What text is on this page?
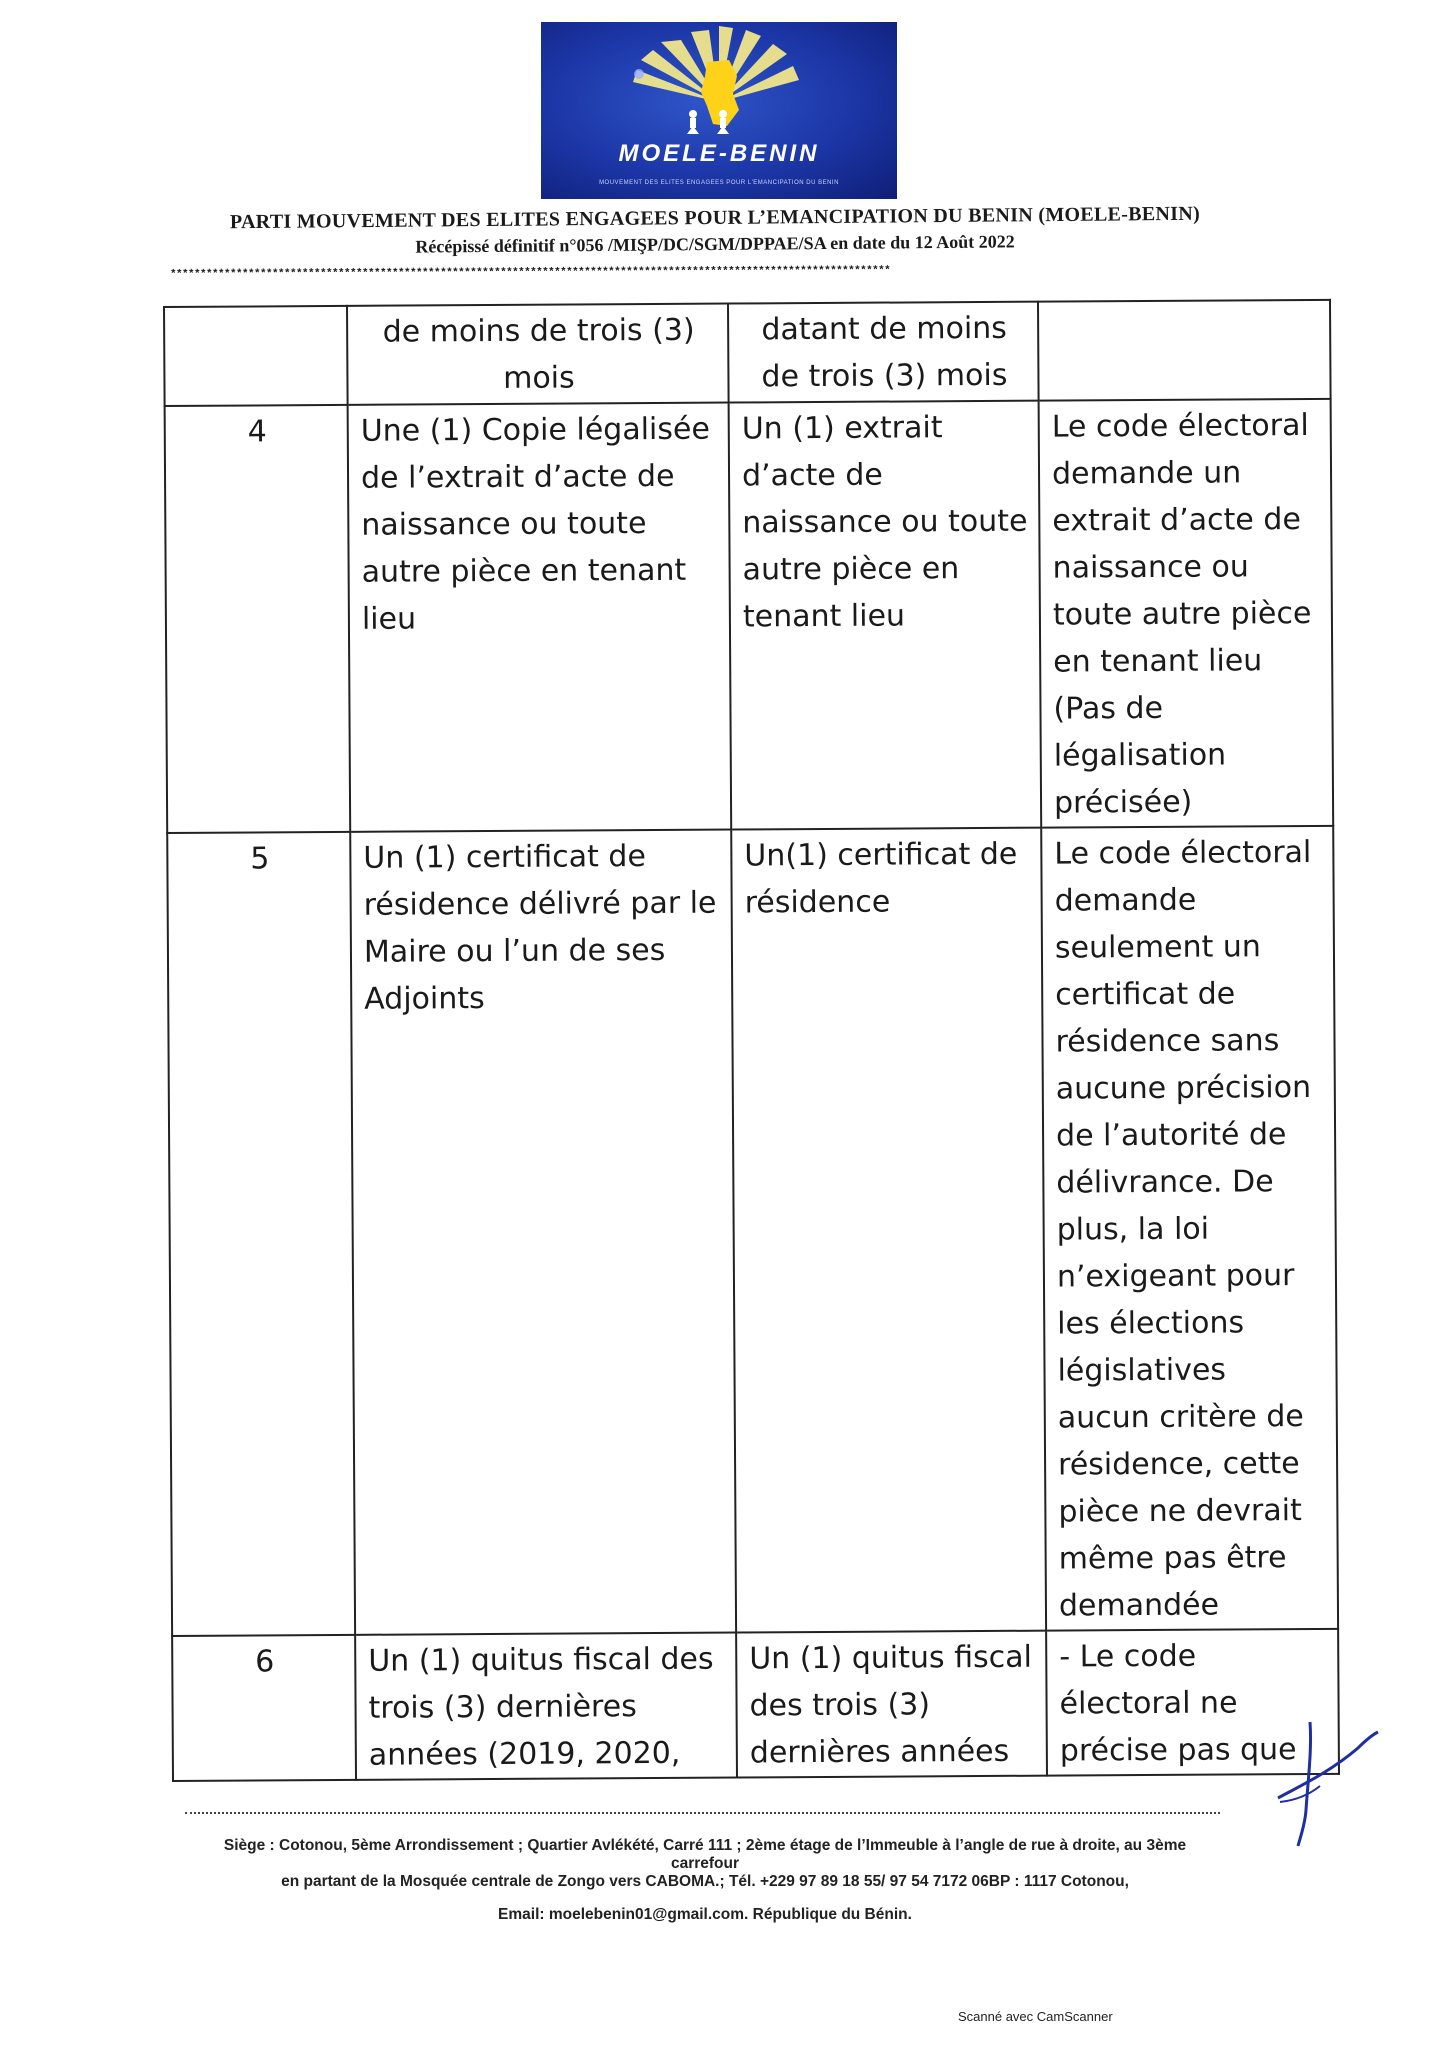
MOELE-BENIN
MOUVEMENT DES ELITES ENGAGEES POUR L'EMANCIPATION DU BENIN
PARTI MOUVEMENT DES ELITES ENGAGEES POUR L’EMANCIPATION DU BENIN (MOELE-BENIN)
Récépissé définitif n°056 /MIŞP/DC/SGM/DPPAE/SA en date du 12 Août 2022
************************************************************************************************************************
	de moins de trois (3) mois	datant de moins de trois (3) mois	
4	Une (1) Copie légalisée de l’extrait d’acte de naissance ou toute autre pièce en tenant lieu	Un (1) extrait d’acte de naissance ou toute autre pièce en tenant lieu	Le code électoral demande un extrait d’acte de naissance ou toute autre pièce en tenant lieu (Pas de légalisation précisée)
5	Un (1) certificat de résidence délivré par le Maire ou l’un de ses Adjoints	Un(1) certificat de résidence	Le code électoral demande seulement un certificat de résidence sans aucune précision de l’autorité de délivrance. De plus, la loi n’exigeant pour les élections législatives aucun critère de résidence, cette pièce ne devrait même pas être demandée
6	Un (1) quitus fiscal des trois (3) dernières années (2019, 2020,	Un (1) quitus fiscal des trois (3) dernières années	- Le code électoral ne précise pas que
Siège : Cotonou, 5ème Arrondissement ; Quartier Avlékété, Carré 111 ; 2ème étage de l’Immeuble à l’angle de rue à droite, au 3ème carrefour
en partant de la Mosquée centrale de Zongo vers CABOMA.; Tél. +229 97 89 18 55/ 97 54 7172 06BP : 1117 Cotonou,
Email: moelebenin01@gmail.com. République du Bénin.
Scanné avec CamScanner
